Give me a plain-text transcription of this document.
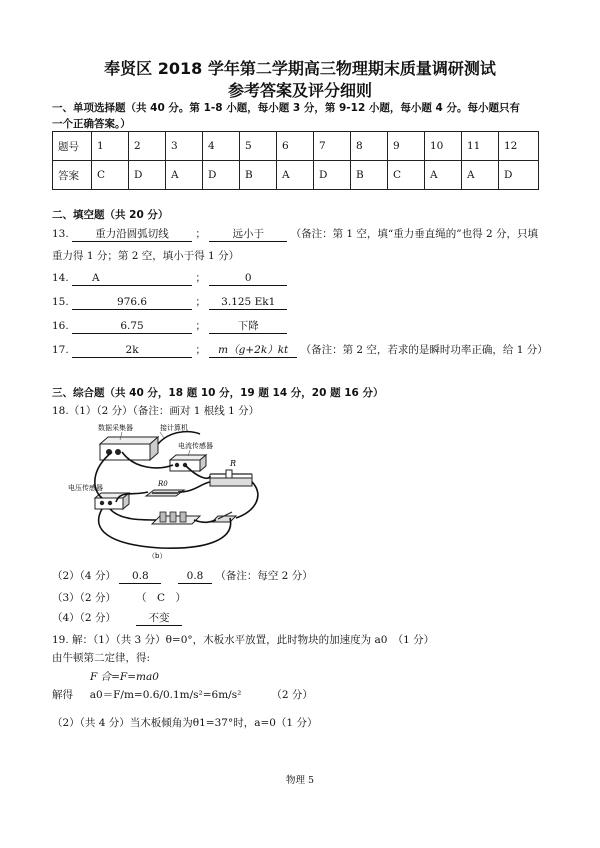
奉贤区 2018 学年第二学期高三物理期末质量调研测试
参考答案及评分细则
一、单项选择题（共 40 分。第 1-8 小题，每小题 3 分，第 9-12 小题，每小题 4 分。每小题只有
一个正确答案。）
题号	1	2	3	4	5	6	7	8	9	10	11	12
答案	C	D	A	D	B	A	D	B	C	A	A	D
二、填空题（共 20 分）
13.	重力沿圆弧切线	；	远小于	（备注：第 1 空，填“重力垂直绳的”也得 2 分，只填
重力得 1 分；第 2 空，填小于得 1 分）
14. A	；	0
15.	976.6	； 3.125 Ek1
16.	6.75	；	下降
17.	2k	； m（g+2k）kt （备注：第 2 空，若求的是瞬时功率正确，给 1 分）
三、综合题（共 40 分，18 题 10 分，19 题 14 分，20 题 16 分）
18.（1）（2 分）（备注：画对 1 根线 1 分）
数据采集器	接计算机
电流传感器
电压传感器	R0
R
（b）
（2）（4 分） 0.8	0.8 （备注：每空 2 分）
（3）（2 分） （　C　）
（4）（2 分）	不变
19. 解：（1）（共 3 分）θ=0°，木板水平放置，此时物块的加速度为 a0　（1 分）
由牛顿第二定律，得:
F 合=F=ma0
解得 a0＝F/m=0.6/0.1m/s²=6m/s²	（2 分）
（2）（共 4 分）当木板倾角为θ1=37°时，a=0（1 分）
物理 5
